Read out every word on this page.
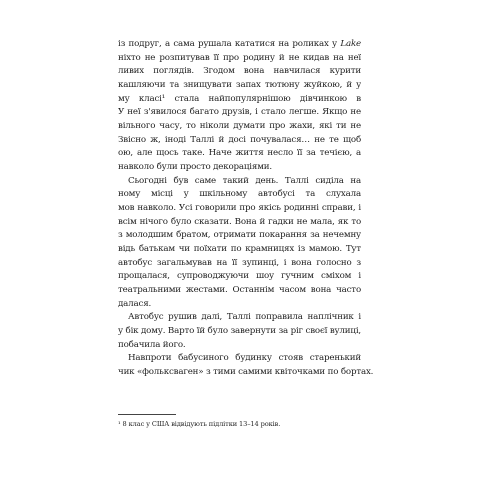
із подруг, а сама рушала кататися на роликах у Lake
ніхто не розпитував її про родину й не кидав на неї
ливих поглядів. Згодом вона навчилася курити
кашляючи та знищувати запах тютюну жуйкою, й у
му класі¹ стала найпопулярнішою дівчинкою в
У неї з'явилося багато друзів, і стало легше. Якщо не
вільного часу, то ніколи думати про жахи, які ти не
Звісно ж, іноді Таллі й досі почувалася… не те щоб
ою, але щось таке. Наче життя несло її за течією, а
навколо були просто декораціями.
Сьогодні був саме такий день. Таллі сиділа на
ному місці у шкільному автобусі та слухала
мов навколо. Усі говорили про якісь родинні справи, і
всім нічого було сказати. Вона й гадки не мала, як то
з молодшим братом, отримати покарання за нечемну
відь батькам чи поїхати по крамницях із мамою. Тут
автобус загальмував на її зупинці, і вона голосно з
прощалася, супроводжуючи шоу гучним сміхом і
театральними жестами. Останнім часом вона часто
далася.
Автобус рушив далі, Таллі поправила наплічник і
у бік дому. Варто їй було завернути за ріг своєї вулиці,
побачила його.
Навпроти бабусиного будинку стояв старенький
чик «фольксваген» з тими самими квіточками по бортах.
¹ 8 клас у США відвідують підлітки 13–14 років.
